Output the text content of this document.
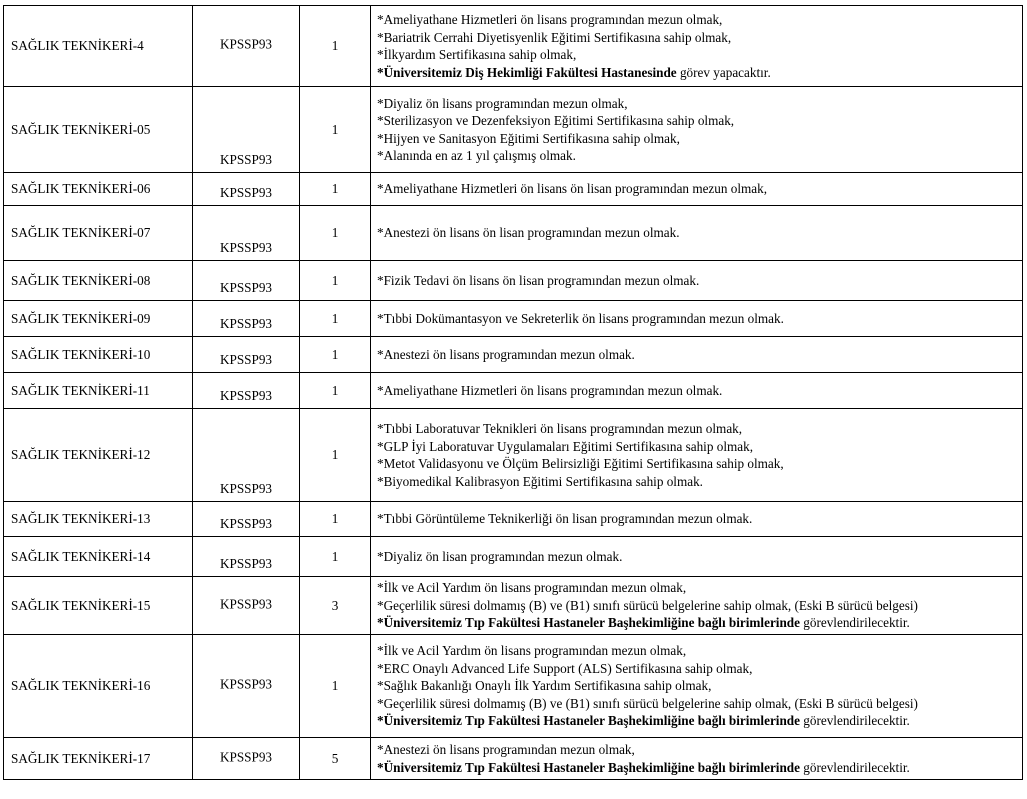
SAĞLIK TEKNİKERİ-4	KPSSP93	1	*Ameliyathane Hizmetleri ön lisans programından mezun olmak,
*Bariatrik Cerrahi Diyetisyenlik Eğitimi Sertifikasına sahip olmak,
*İlkyardım Sertifikasına sahip olmak,
*Üniversitemiz Diş Hekimliği Fakültesi Hastanesinde görev yapacaktır.

SAĞLIK TEKNİKERİ-05	KPSSP93	1	*Diyaliz ön lisans programından mezun olmak,
*Sterilizasyon ve Dezenfeksiyon Eğitimi Sertifikasına sahip olmak,
*Hijyen ve Sanitasyon Eğitimi Sertifikasına sahip olmak,
*Alanında en az 1 yıl çalışmış olmak.

SAĞLIK TEKNİKERİ-06	KPSSP93	1	*Ameliyathane Hizmetleri ön lisans ön lisan programından mezun olmak,

SAĞLIK TEKNİKERİ-07	KPSSP93	1	*Anestezi ön lisans ön lisan programından mezun olmak.

SAĞLIK TEKNİKERİ-08	KPSSP93	1	*Fizik Tedavi ön lisans ön lisan programından mezun olmak.

SAĞLIK TEKNİKERİ-09	KPSSP93	1	*Tıbbi Dokümantasyon ve Sekreterlik ön lisans programından mezun olmak.

SAĞLIK TEKNİKERİ-10	KPSSP93	1	*Anestezi ön lisans programından mezun olmak.

SAĞLIK TEKNİKERİ-11	KPSSP93	1	*Ameliyathane Hizmetleri ön lisans programından mezun olmak.

SAĞLIK TEKNİKERİ-12	KPSSP93	1	*Tıbbi Laboratuvar Teknikleri ön lisans programından mezun olmak,
*GLP İyi Laboratuvar Uygulamaları Eğitimi Sertifikasına sahip olmak,
*Metot Validasyonu ve Ölçüm Belirsizliği Eğitimi Sertifikasına sahip olmak,
*Biyomedikal Kalibrasyon Eğitimi Sertifikasına sahip olmak.

SAĞLIK TEKNİKERİ-13	KPSSP93	1	*Tıbbi Görüntüleme Teknikerliği ön lisan programından mezun olmak.

SAĞLIK TEKNİKERİ-14	KPSSP93	1	*Diyaliz ön lisan programından mezun olmak.

SAĞLIK TEKNİKERİ-15	KPSSP93	3	*İlk ve Acil Yardım ön lisans programından mezun olmak,
*Geçerlilik süresi dolmamış (B) ve (B1) sınıfı sürücü belgelerine sahip olmak, (Eski B sürücü belgesi)
*Üniversitemiz Tıp Fakültesi Hastaneler Başhekimliğine bağlı birimlerinde görevlendirilecektir.

SAĞLIK TEKNİKERİ-16	KPSSP93	1	*İlk ve Acil Yardım ön lisans programından mezun olmak,
*ERC Onaylı Advanced Life Support (ALS) Sertifikasına sahip olmak,
*Sağlık Bakanlığı Onaylı İlk Yardım Sertifikasına sahip olmak,
*Geçerlilik süresi dolmamış (B) ve (B1) sınıfı sürücü belgelerine sahip olmak, (Eski B sürücü belgesi)
*Üniversitemiz Tıp Fakültesi Hastaneler Başhekimliğine bağlı birimlerinde görevlendirilecektir.

SAĞLIK TEKNİKERİ-17	KPSSP93	5	*Anestezi ön lisans programından mezun olmak,
*Üniversitemiz Tıp Fakültesi Hastaneler Başhekimliğine bağlı birimlerinde görevlendirilecektir.
